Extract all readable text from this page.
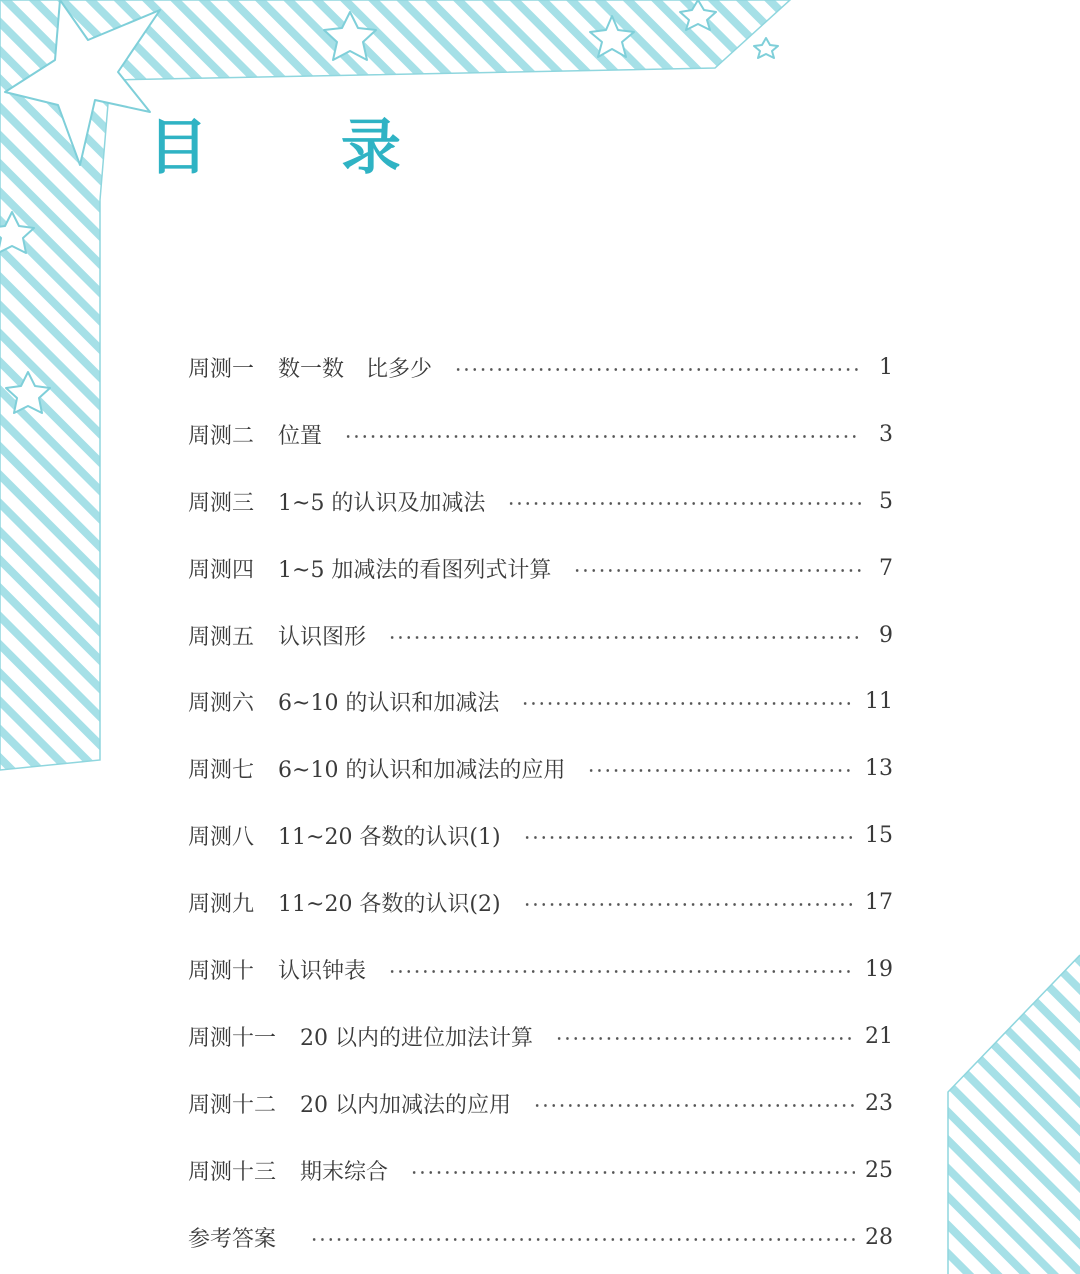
目 录
周测一 数一数　比多少	1
周测二 位置	3
周测三 1~5 的认识及加减法	5
周测四 1~5 加减法的看图列式计算	7
周测五 认识图形	9
周测六 6~10 的认识和加减法	11
周测七 6~10 的认识和加减法的应用	13
周测八 11~20 各数的认识(1)	15
周测九 11~20 各数的认识(2)	17
周测十 认识钟表	19
周测十一 20 以内的进位加法计算	21
周测十二 20 以内加减法的应用	23
周测十三 期末综合	25
参考答案	28
